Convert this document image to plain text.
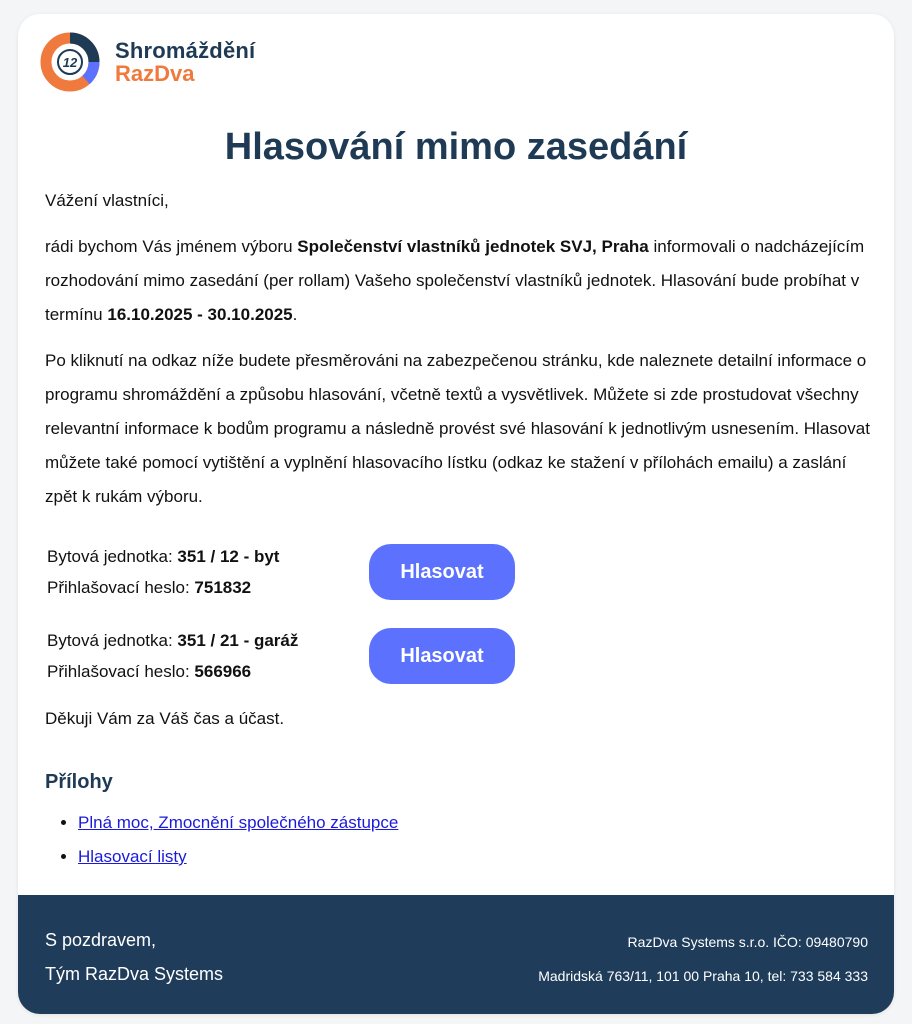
12 Shromáždění
RazDva
Hlasování mimo zasedání

Vážení vlastníci,

rádi bychom Vás jménem výboru Společenství vlastníků jednotek SVJ, Praha informovali o nadcházejícím rozhodování mimo zasedání (per rollam) Vašeho společenství vlastníků jednotek. Hlasování bude probíhat v termínu 16.10.2025 - 30.10.2025.

Po kliknutí na odkaz níže budete přesměrováni na zabezpečenou stránku, kde naleznete detailní informace o programu shromáždění a způsobu hlasování, včetně textů a vysvětlivek. Můžete si zde prostudovat všechny relevantní informace k bodům programu a následně provést své hlasování k jednotlivým usnesením. Hlasovat můžete také pomocí vytištění a vyplnění hlasovacího lístku (odkaz ke stažení v přílohách emailu) a zaslání zpět k rukám výboru.

Bytová jednotka: 351 / 12 - byt
Přihlašovací heslo: 751832
Hlasovat
Bytová jednotka: 351 / 21 - garáž
Přihlašovací heslo: 566966
Hlasovat
Děkuji Vám za Váš čas a účast.
Přílohy
• Plná moc, Zmocnění společného zástupce
• Hlasovací listy
S pozdravem,
Tým RazDva Systems
RazDva Systems s.r.o. IČO: 09480790
Madridská 763/11, 101 00 Praha 10, tel: 733 584 333
